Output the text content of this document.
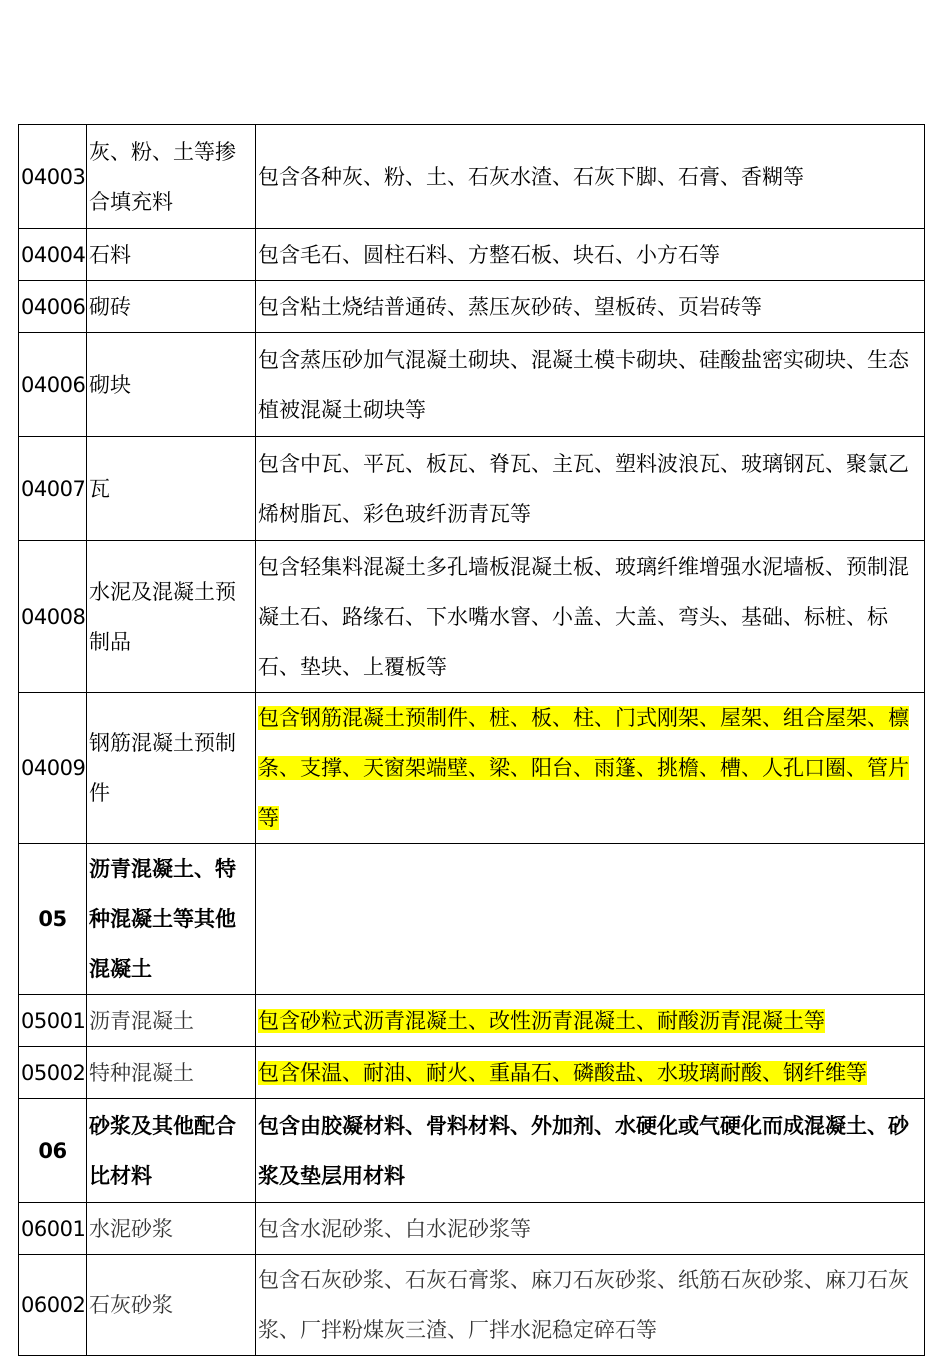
04003	灰、粉、土等掺合填充料	包含各种灰、粉、土、石灰水渣、石灰下脚、石膏、香糊等
04004	石料	包含毛石、圆柱石料、方整石板、块石、小方石等
04006	砌砖	包含粘土烧结普通砖、蒸压灰砂砖、望板砖、页岩砖等
04006	砌块	包含蒸压砂加气混凝土砌块、混凝土模卡砌块、硅酸盐密实砌块、生态植被混凝土砌块等
04007	瓦	包含中瓦、平瓦、板瓦、脊瓦、主瓦、塑料波浪瓦、玻璃钢瓦、聚氯乙烯树脂瓦、彩色玻纤沥青瓦等
04008	水泥及混凝土预制品	包含轻集料混凝土多孔墙板混凝土板、玻璃纤维增强水泥墙板、预制混凝土石、路缘石、下水嘴水窨、小盖、大盖、弯头、基础、标桩、标石、垫块、上覆板等
04009	钢筋混凝土预制件	包含钢筋混凝土预制件、桩、板、柱、门式刚架、屋架、组合屋架、檩条、支撑、天窗架端壁、梁、阳台、雨篷、挑檐、槽、人孔口圈、管片等
05	沥青混凝土、特种混凝土等其他混凝土	
05001	沥青混凝土	包含砂粒式沥青混凝土、改性沥青混凝土、耐酸沥青混凝土等
05002	特种混凝土	包含保温、耐油、耐火、重晶石、磷酸盐、水玻璃耐酸、钢纤维等
06	砂浆及其他配合比材料	包含由胶凝材料、骨料材料、外加剂、水硬化或气硬化而成混凝土、砂浆及垫层用材料
06001	水泥砂浆	包含水泥砂浆、白水泥砂浆等
06002	石灰砂浆	包含石灰砂浆、石灰石膏浆、麻刀石灰砂浆、纸筋石灰砂浆、麻刀石灰浆、厂拌粉煤灰三渣、厂拌水泥稳定碎石等
